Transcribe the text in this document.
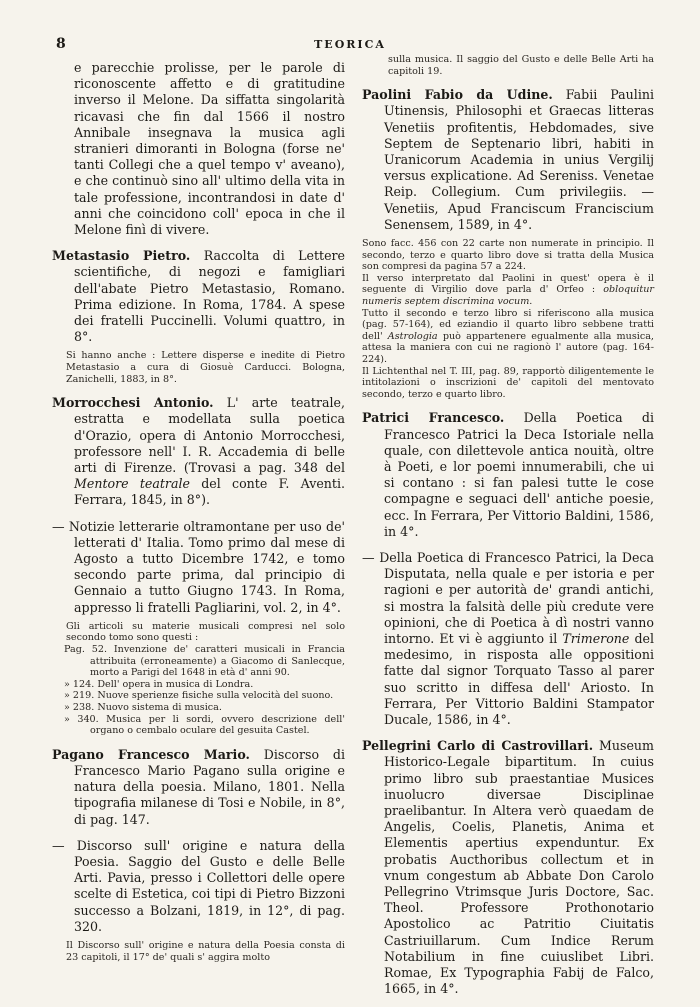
8	TEORICA

e parecchie prolisse, per le parole di riconoscente affetto e di gratitudine inverso il Melone. Da siffatta singolarità ricavasi che fin dal 1566 il nostro Annibale insegnava la musica agli stranieri dimoranti in Bologna (forse ne' tanti Collegi che a quel tempo v' aveano), e che continuò sino all' ultimo della vita in tale professione, incontrandosi in date d' anni che coincidono coll' epoca in che il Melone finì di vivere.

Metastasio Pietro. Raccolta di Lettere scientifiche, di negozi e famigliari dell'abate Pietro Metastasio, Romano. Prima edizione. In Roma, 1784. A spese dei fratelli Puccinelli. Volumi quattro, in 8°.

Si hanno anche : Lettere disperse e inedite di Pietro Metastasio a cura di Giosuè Carducci. Bologna, Zanichelli, 1883, in 8°.

Morrocchesi Antonio. L' arte teatrale, estratta e modellata sulla poetica d'Orazio, opera di Antonio Morrocchesi, professore nell' I. R. Accademia di belle arti di Firenze. (Trovasi a pag. 348 del Mentore teatrale del conte F. Aventi. Ferrara, 1845, in 8°).

— Notizie letterarie oltramontane per uso de' letterati d' Italia. Tomo primo dal mese di Agosto a tutto Dicembre 1742, e tomo secondo parte prima, dal principio di Gennaio a tutto Giugno 1743. In Roma, appresso li fratelli Pagliarini, vol. 2, in 4°.

Gli articoli su materie musicali compresi nel solo secondo tomo sono questi :

Pag. 52. Invenzione de' caratteri musicali in Francia attribuita (erroneamente) a Giacomo di Sanlecque, morto a Parigi del 1648 in età d' anni 90.

» 124. Dell' opera in musica di Londra.

» 219. Nuove sperienze fisiche sulla velocità del suono.

» 238. Nuovo sistema di musica.

» 340. Musica per li sordi, ovvero descrizione dell' organo o cembalo oculare del gesuita Castel.

Pagano Francesco Mario. Discorso di Francesco Mario Pagano sulla origine e natura della poesia. Milano, 1801. Nella tipografia milanese di Tosi e Nobile, in 8°, di pag. 147.

— Discorso sull' origine e natura della Poesia. Saggio del Gusto e delle Belle Arti. Pavia, presso i Collettori delle opere scelte di Estetica, coi tipi di Pietro Bizzoni successo a Bolzani, 1819, in 12°, di pag. 320.

Il Discorso sull' origine e natura della Poesia consta di 23 capitoli, il 17° de' quali s' aggira molto

sulla musica. Il saggio del Gusto e delle Belle Arti ha capitoli 19.

Paolini Fabio da Udine. Fabii Paulini Utinensis, Philosophi et Graecas litteras Venetiis profitentis, Hebdomades, sive Septem de Septenario libri, habiti in Uranicorum Academia in unius Vergilij versus explicatione. Ad Sereniss. Venetae Reip. Collegium. Cum privilegiis. — Venetiis, Apud Franciscum Franciscium Senensem, 1589, in 4°.

Sono facc. 456 con 22 carte non numerate in principio. Il secondo, terzo e quarto libro dove si tratta della Musica son compresi da pagina 57 a 224.

Il verso interpretato dal Paolini in quest' opera è il seguente di Virgilio dove parla d' Orfeo : obloquitur numeris septem discrimina vocum.

Tutto il secondo e terzo libro si riferiscono alla musica (pag. 57-164), ed eziandio il quarto libro sebbene tratti dell' Astrologia può appartenere egualmente alla musica, attesa la maniera con cui ne ragionò l' autore (pag. 164-224).

Il Lichtenthal nel T. III, pag. 89, rapportò diligentemente le intitolazioni o inscrizioni de' capitoli del mentovato secondo, terzo e quarto libro.

Patrici Francesco. Della Poetica di Francesco Patrici la Deca Istoriale nella quale, con dilettevole antica nouità, oltre à Poeti, e lor poemi innumerabili, che ui si contano : si fan palesi tutte le cose compagne e seguaci dell' antiche poesie, ecc. In Ferrara, Per Vittorio Baldini, 1586, in 4°.

— Della Poetica di Francesco Patrici, la Deca Disputata, nella quale e per istoria e per ragioni e per autorità de' grandi antichi, si mostra la falsità delle più credute vere opinioni, che di Poetica à dì nostri vanno intorno. Et vi è aggiunto il Trimerone del medesimo, in risposta alle oppositioni fatte dal signor Torquato Tasso al parer suo scritto in diffesa dell' Ariosto. In Ferrara, Per Vittorio Baldini Stampator Ducale, 1586, in 4°.

Pellegrini Carlo di Castrovillari. Museum Historico-Legale bipartitum. In cuius primo libro sub praestantiae Musices inuolucro diversae Disciplinae praelibantur. In Altera verò quaedam de Angelis, Coelis, Planetis, Anima et Elementis apertius expenduntur. Ex probatis Aucthoribus collectum et in vnum congestum ab Abbate Don Carolo Pellegrino Vtrimsque Juris Doctore, Sac. Theol. Professore Prothonotario Apostolico ac Patritio Ciuitatis Castriuillarum. Cum Indice Rerum Notabilium in fine cuiuslibet Libri. Romae, Ex Typographia Fabij de Falco, 1665, in 4°.
